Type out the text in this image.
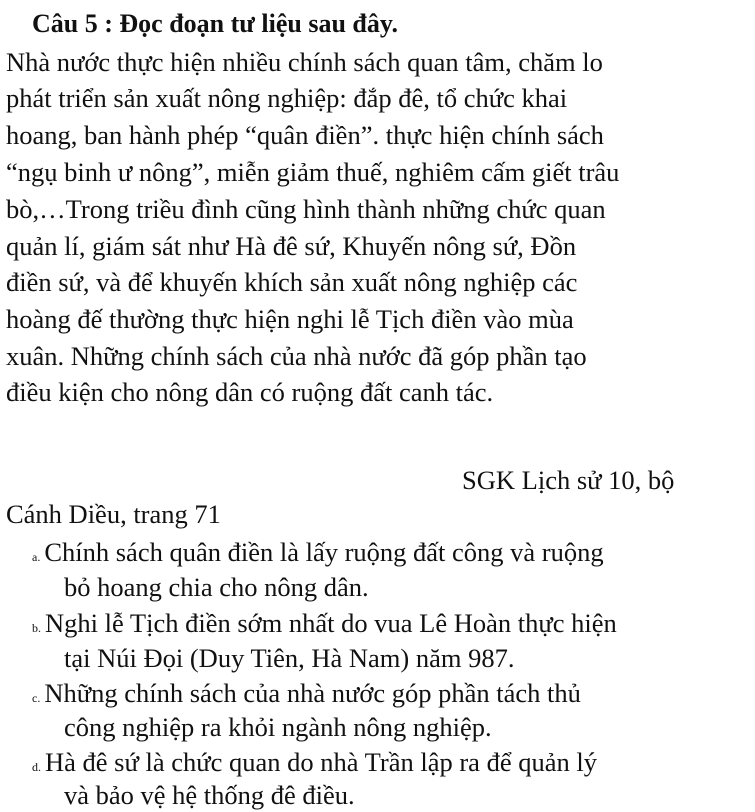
Câu 5 : Đọc đoạn tư liệu sau đây.
Nhà nước thực hiện nhiều chính sách quan tâm, chăm lo
phát triển sản xuất nông nghiệp: đắp đê, tổ chức khai
hoang, ban hành phép “quân điền”. thực hiện chính sách
“ngụ binh ư nông”, miễn giảm thuế, nghiêm cấm giết trâu
bò,…Trong triều đình cũng hình thành những chức quan
quản lí, giám sát như Hà đê sứ, Khuyến nông sứ, Đồn
điền sứ, và để khuyến khích sản xuất nông nghiệp các
hoàng đế thường thực hiện nghi lễ Tịch điền vào mùa
xuân. Những chính sách của nhà nước đã góp phần tạo
điều kiện cho nông dân có ruộng đất canh tác.
SGK Lịch sử 10, bộ
Cánh Diều, trang 71
a. Chính sách quân điền là lấy ruộng đất công và ruộng
bỏ hoang chia cho nông dân.
b. Nghi lễ Tịch điền sớm nhất do vua Lê Hoàn thực hiện
tại Núi Đọi (Duy Tiên, Hà Nam) năm 987.
c. Những chính sách của nhà nước góp phần tách thủ
công nghiệp ra khỏi ngành nông nghiệp.
d. Hà đê sứ là chức quan do nhà Trần lập ra để quản lý
và bảo vệ hệ thống đê điều.
